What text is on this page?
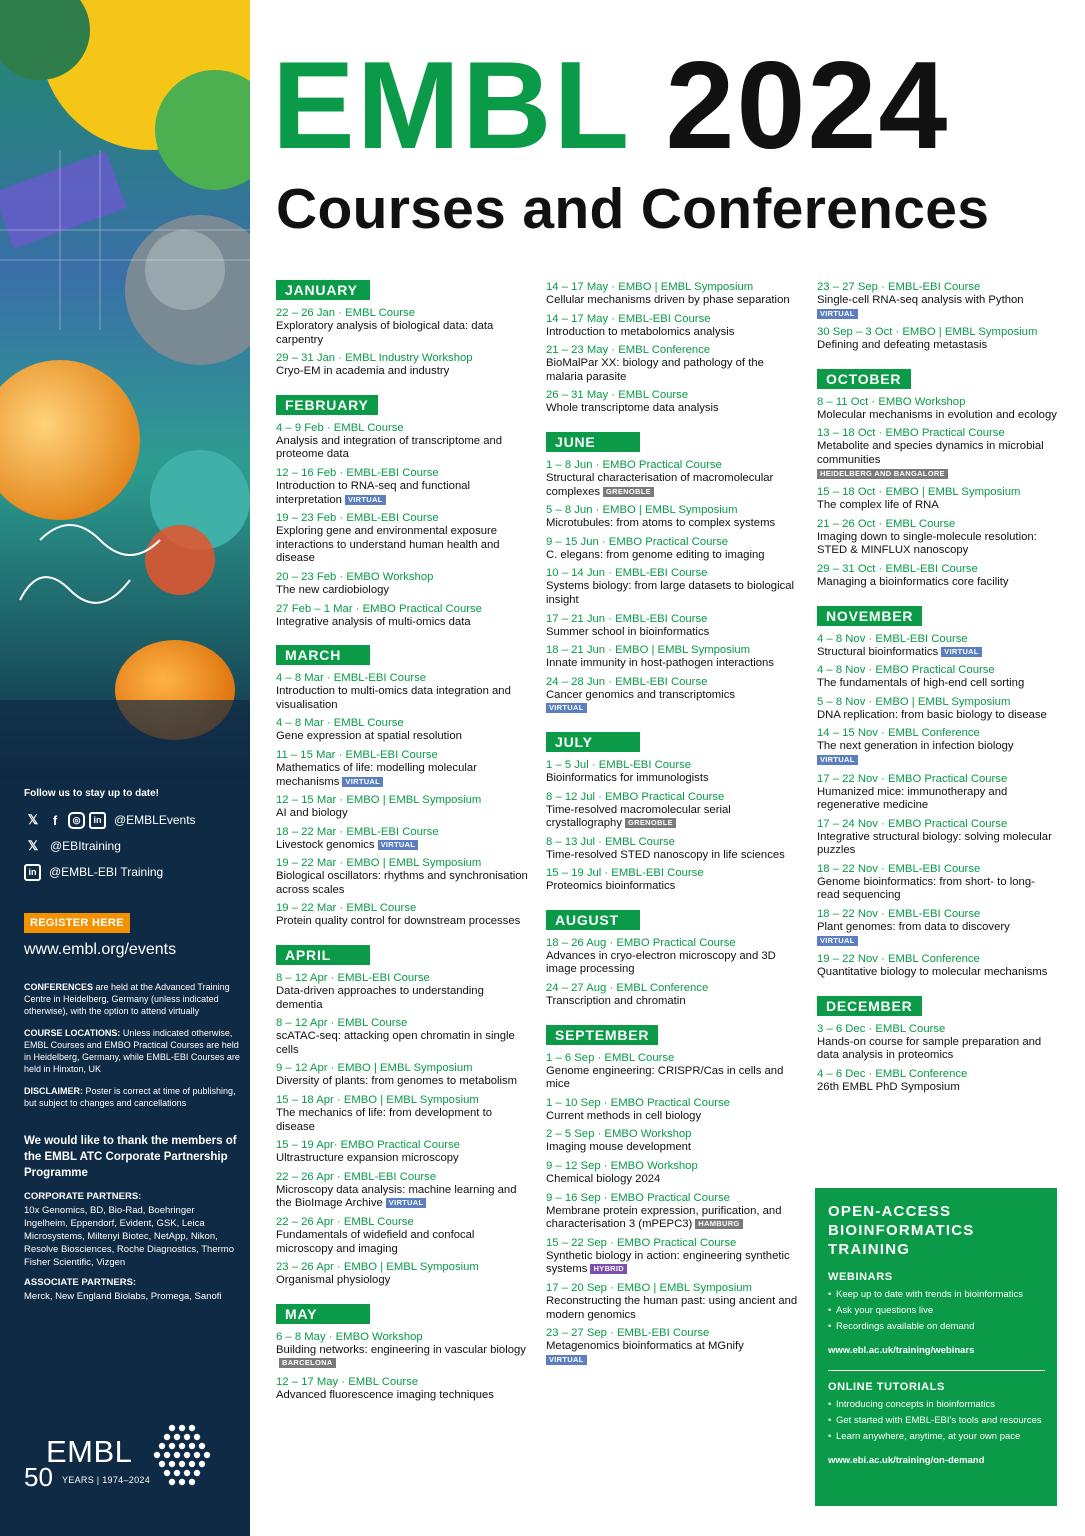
Follow us to stay up to date!
𝕏	f	◎	in	@EMBLEvents
𝕏 @EBItraining
in	@EMBL-EBI Training
REGISTER HERE
www.embl.org/events
CONFERENCES are held at the Advanced Training Centre in Heidelberg, Germany (unless indicated otherwise), with the option to attend virtually
COURSE LOCATIONS: Unless indicated otherwise, EMBL Courses and EMBO Practical Courses are held in Heidelberg, Germany, while EMBL-EBI Courses are held in Hinxton, UK
DISCLAIMER: Poster is correct at time of publishing, but subject to changes and cancellations
We would like to thank the members of the EMBL ATC Corporate Partnership Programme
CORPORATE PARTNERS:
10x Genomics, BD, Bio-Rad, Boehringer Ingelheim, Eppendorf, Evident, GSK, Leica Microsystems, Miltenyi Biotec, NetApp, Nikon, Resolve Biosciences, Roche Diagnostics, Thermo Fisher Scientific, Vizgen
ASSOCIATE PARTNERS:
Merck, New England Biolabs, Promega, Sanofi
EMBL
50 YEARS | 1974–2024
EMBL 2024
Courses and Conferences
JANUARY
22 – 26 Jan · EMBL Course
Exploratory analysis of biological data: data carpentry
29 – 31 Jan · EMBL Industry Workshop
Cryo-EM in academia and industry
FEBRUARY
4 – 9 Feb · EMBL Course
Analysis and integration of transcriptome and proteome data
12 – 16 Feb · EMBL-EBI Course
Introduction to RNA-seq and functional interpretation VIRTUAL
19 – 23 Feb · EMBL-EBI Course
Exploring gene and environmental exposure interactions to understand human health and disease
20 – 23 Feb · EMBO Workshop
The new cardiobiology
27 Feb – 1 Mar · EMBO Practical Course
Integrative analysis of multi-omics data
MARCH
4 – 8 Mar · EMBL-EBI Course
Introduction to multi-omics data integration and visualisation
4 – 8 Mar · EMBL Course
Gene expression at spatial resolution
11 – 15 Mar · EMBL-EBI Course
Mathematics of life: modelling molecular mechanisms VIRTUAL
12 – 15 Mar · EMBO | EMBL Symposium
AI and biology
18 – 22 Mar · EMBL-EBI Course
Livestock genomics VIRTUAL
19 – 22 Mar · EMBO | EMBL Symposium
Biological oscillators: rhythms and synchronisation across scales
19 – 22 Mar · EMBL Course
Protein quality control for downstream processes
APRIL
8 – 12 Apr · EMBL-EBI Course
Data-driven approaches to understanding dementia
8 – 12 Apr · EMBL Course
scATAC-seq: attacking open chromatin in single cells
9 – 12 Apr · EMBO | EMBL Symposium
Diversity of plants: from genomes to metabolism
15 – 18 Apr · EMBO | EMBL Symposium
The mechanics of life: from development to disease
15 – 19 Apr· EMBO Practical Course
Ultrastructure expansion microscopy
22 – 26 Apr · EMBL-EBI Course
Microscopy data analysis: machine learning and the BioImage Archive VIRTUAL
22 – 26 Apr · EMBL Course
Fundamentals of widefield and confocal microscopy and imaging
23 – 26 Apr · EMBO | EMBL Symposium
Organismal physiology
MAY
6 – 8 May · EMBO Workshop
Building networks: engineering in vascular biologyBARCELONA
12 – 17 May · EMBL Course
Advanced fluorescence imaging techniques
14 – 17 May · EMBO | EMBL Symposium
Cellular mechanisms driven by phase separation
14 – 17 May · EMBL-EBI Course
Introduction to metabolomics analysis
21 – 23 May · EMBL Conference
BioMalPar XX: biology and pathology of the malaria parasite
26 – 31 May · EMBL Course
Whole transcriptome data analysis
JUNE
1 – 8 Jun · EMBO Practical Course
Structural characterisation of macromolecular complexes GRENOBLE
5 – 8 Jun · EMBO | EMBL Symposium
Microtubules: from atoms to complex systems
9 – 15 Jun · EMBO Practical Course
C. elegans: from genome editing to imaging
10 – 14 Jun · EMBL-EBI Course
Systems biology: from large datasets to biological insight
17 – 21 Jun · EMBL-EBI Course
Summer school in bioinformatics
18 – 21 Jun · EMBO | EMBL Symposium
Innate immunity in host-pathogen interactions
24 – 28 Jun · EMBL-EBI Course
Cancer genomics and transcriptomics
VIRTUAL
JULY
1 – 5 Jul · EMBL-EBI Course
Bioinformatics for immunologists
8 – 12 Jul · EMBO Practical Course
Time-resolved macromolecular serial crystallography GRENOBLE
8 – 13 Jul · EMBL Course
Time-resolved STED nanoscopy in life sciences
15 – 19 Jul · EMBL-EBI Course
Proteomics bioinformatics
AUGUST
18 – 26 Aug · EMBO Practical Course
Advances in cryo-electron microscopy and 3D image processing
24 – 27 Aug · EMBL Conference
Transcription and chromatin
SEPTEMBER
1 – 6 Sep · EMBL Course
Genome engineering: CRISPR/Cas in cells and mice
1 – 10 Sep · EMBO Practical Course
Current methods in cell biology
2 – 5 Sep · EMBO Workshop
Imaging mouse development
9 – 12 Sep · EMBO Workshop
Chemical biology 2024
9 – 16 Sep · EMBO Practical Course
Membrane protein expression, purification, and characterisation 3 (mPEPC3) HAMBURG
15 – 22 Sep · EMBO Practical Course
Synthetic biology in action: engineering synthetic systems HYBRID
17 – 20 Sep · EMBO | EMBL Symposium
Reconstructing the human past: using ancient and modern genomics
23 – 27 Sep · EMBL-EBI Course
Metagenomics bioinformatics at MGnify
VIRTUAL
23 – 27 Sep · EMBL-EBI Course
Single-cell RNA-seq analysis with Python
VIRTUAL
30 Sep – 3 Oct · EMBO | EMBL Symposium
Defining and defeating metastasis
OCTOBER
8 – 11 Oct · EMBO Workshop
Molecular mechanisms in evolution and ecology
13 – 18 Oct · EMBO Practical Course
Metabolite and species dynamics in microbial communities
HEIDELBERG AND BANGALORE
15 – 18 Oct · EMBO | EMBL Symposium
The complex life of RNA
21 – 26 Oct · EMBL Course
Imaging down to single-molecule resolution: STED & MINFLUX nanoscopy
29 – 31 Oct · EMBL-EBI Course
Managing a bioinformatics core facility
NOVEMBER
4 – 8 Nov · EMBL-EBI Course
Structural bioinformatics VIRTUAL
4 – 8 Nov · EMBO Practical Course
The fundamentals of high-end cell sorting
5 – 8 Nov · EMBO | EMBL Symposium
DNA replication: from basic biology to disease
14 – 15 Nov · EMBL Conference
The next generation in infection biology
VIRTUAL
17 – 22 Nov · EMBO Practical Course
Humanized mice: immunotherapy and regenerative medicine
17 – 24 Nov · EMBO Practical Course
Integrative structural biology: solving molecular puzzles
18 – 22 Nov · EMBL-EBI Course
Genome bioinformatics: from short- to long-read sequencing
18 – 22 Nov · EMBL-EBI Course
Plant genomes: from data to discovery
VIRTUAL
19 – 22 Nov · EMBL Conference
Quantitative biology to molecular mechanisms
DECEMBER
3 – 6 Dec · EMBL Course
Hands-on course for sample preparation and data analysis in proteomics
4 – 6 Dec · EMBL Conference
26th EMBL PhD Symposium
OPEN-ACCESS BIOINFORMATICS TRAINING
WEBINARS
• Keep up to date with trends in bioinformatics
• Ask your questions live
• Recordings available on demand
www.ebl.ac.uk/training/webinars
ONLINE TUTORIALS
• Introducing concepts in bioinformatics
• Get started with EMBL-EBI's tools and resources
• Learn anywhere, anytime, at your own pace
www.ebi.ac.uk/training/on-demand
